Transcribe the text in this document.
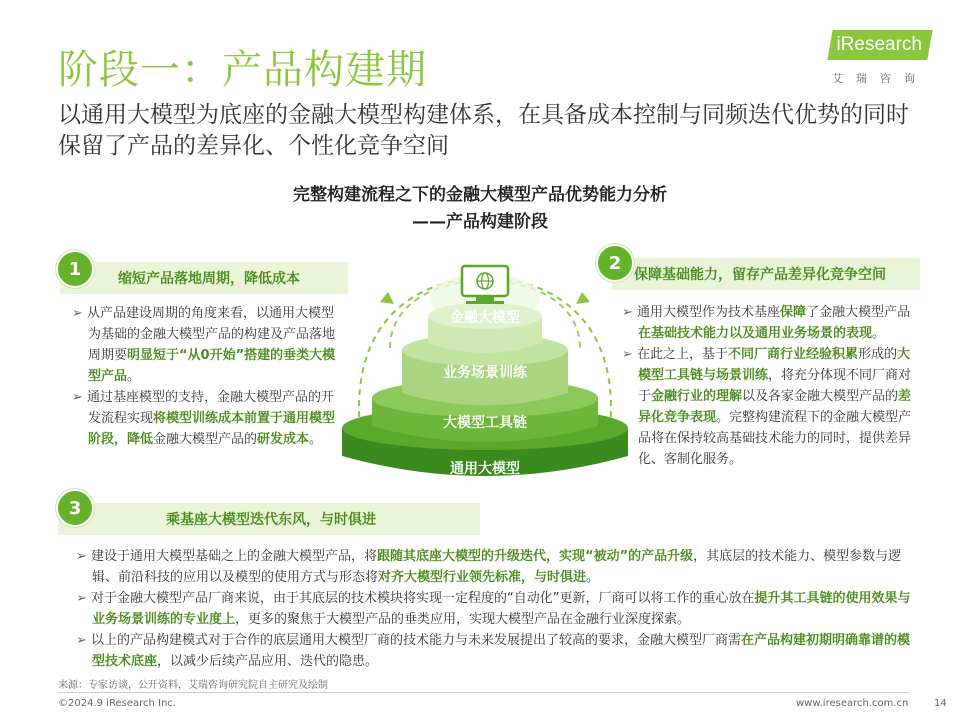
阶段一：产品构建期
以通用大模型为底座的金融大模型构建体系，在具备成本控制与同频迭代优势的同时保留了产品的差异化、个性化竞争空间
iResearch
艾瑞咨询
完整构建流程之下的金融大模型产品优势能力分析
——产品构建阶段
金融大模型
业务场景训练
大模型工具链
通用大模型
缩短产品落地周期，降低成本
1

➢ 从产品建设周期的角度来看，以通用大模型为基础的金融大模型产品的构建及产品落地周期要明显短于“从0开始”搭建的垂类大模型产品。

➢ 通过基座模型的支持，金融大模型产品的开发流程实现将模型训练成本前置于通用模型阶段，降低金融大模型产品的研发成本。

保障基础能力，留存产品差异化竞争空间
2

➢ 通用大模型作为技术基座保障了金融大模型产品在基础技术能力以及通用业务场景的表现。

➢ 在此之上，基于不同厂商行业经验积累形成的大模型工具链与场景训练，将充分体现不同厂商对于金融行业的理解以及各家金融大模型产品的差异化竞争表现。完整构建流程下的金融大模型产品将在保持较高基础技术能力的同时，提供差异化、客制化服务。

乘基座大模型迭代东风，与时俱进
3

➢ 建设于通用大模型基础之上的金融大模型产品，将跟随其底座大模型的升级迭代，实现“被动”的产品升级，其底层的技术能力、模型参数与逻辑、前沿科技的应用以及模型的使用方式与形态将对齐大模型行业领先标准，与时俱进。

➢ 对于金融大模型产品厂商来说，由于其底层的技术模块将实现一定程度的“自动化”更新，厂商可以将工作的重心放在提升其工具链的使用效果与业务场景训练的专业度上，更多的聚焦于大模型产品的垂类应用，实现大模型产品在金融行业深度探索。

➢ 以上的产品构建模式对于合作的底层通用大模型厂商的技术能力与未来发展提出了较高的要求，金融大模型厂商需在产品构建初期明确靠谱的模型技术底座，以减少后续产品应用、迭代的隐患。

来源：专家访谈，公开资料，艾瑞咨询研究院自主研究及绘制
©2024.9 iResearch Inc.	www.iresearch.com.cn	14
